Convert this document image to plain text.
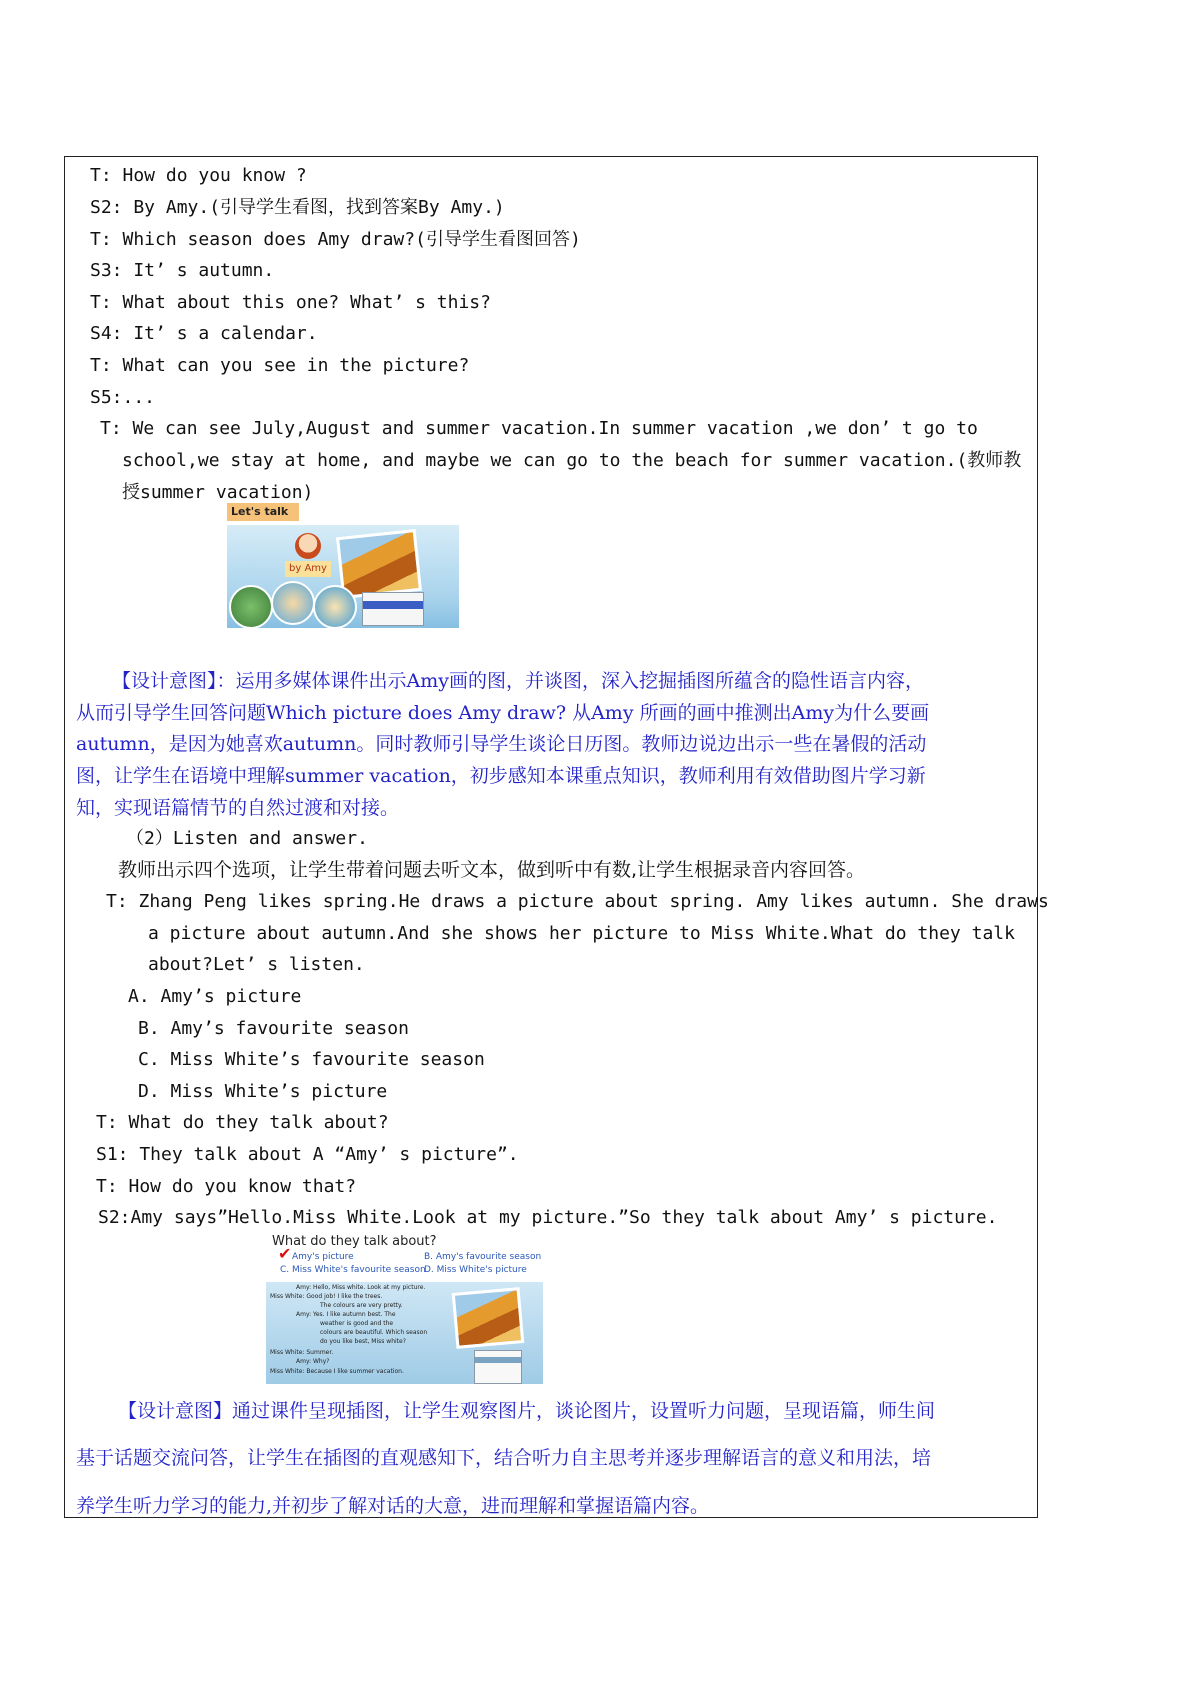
T: How do you know ?
S2: By Amy.(引导学生看图，找到答案By Amy.)
T: Which season does Amy draw?(引导学生看图回答)
S3: It’ s autumn.
T: What about this one? What’ s this?
S4: It’ s a calendar.
T: What can you see in the picture?
S5:...
T: We can see July,August and summer vacation.In summer vacation ,we don’ t go to
school,we stay at home, and maybe we can go to the beach for summer vacation.(教师教
授summer vacation)
Let's talk
by Amy
【设计意图】：运用多媒体课件出示Amy画的图，并谈图，深入挖掘插图所蕴含的隐性语言内容，
从而引导学生回答问题Which picture does Amy draw? 从Amy 所画的画中推测出Amy为什么要画
autumn，是因为她喜欢autumn。同时教师引导学生谈论日历图。教师边说边出示一些在暑假的活动
图，让学生在语境中理解summer vacation，初步感知本课重点知识，教师利用有效借助图片学习新
知，实现语篇情节的自然过渡和对接。
（2）Listen and answer.
教师出示四个选项，让学生带着问题去听文本，做到听中有数,让学生根据录音内容回答。
T: Zhang Peng likes spring.He draws a picture about spring. Amy likes autumn. She draws
a picture about autumn.And she shows her picture to Miss White.What do they talk
about?Let’ s listen.
A. Amy’s picture
B. Amy’s favourite season
C. Miss White’s favourite season
D. Miss White’s picture
T: What do they talk about?
S1: They talk about A “Amy’ s picture”.
T: How do you know that?
S2:Amy says”Hello.Miss White.Look at my picture.”So they talk about Amy’ s picture.
What do they talk about?
✔ Amy's picture	B. Amy's favourite season
C. Miss White's favourite season
D. Miss White's picture
Amy: Hello, Miss white. Look at my picture.
Miss White: Good job! I like the trees.
The colours are very pretty.
Amy: Yes. I like autumn best. The
weather is good and the
colours are beautiful. Which season
do you like best, Miss white?
Miss White: Summer.
Amy: Why?
Miss White: Because I like summer vacation.
【设计意图】通过课件呈现插图，让学生观察图片，谈论图片，设置听力问题，呈现语篇，师生间
基于话题交流问答，让学生在插图的直观感知下，结合听力自主思考并逐步理解语言的意义和用法，培
养学生听力学习的能力,并初步了解对话的大意，进而理解和掌握语篇内容。
